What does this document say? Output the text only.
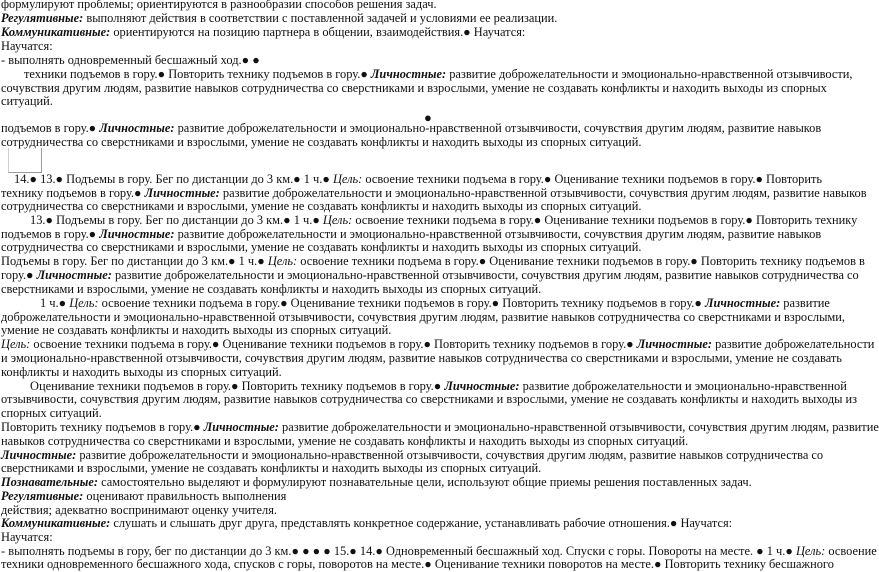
формулируют проблемы; ориентируются в разнообразии способов решения задач.
Регулятивные: выполняют действия в соответствии с поставленной задачей и условиями ее реализации.
Коммуникативные: ориентируются на позицию партнера в общении, взаимодействия.● Научатся:
Научатся:
- выполнять одновременный бесшажный ход.● ●
техники подъемов в гору.● Повторить технику подъемов в гору.● Личностные: развитие доброжелательности и эмоционально-нравственной отзывчивости,
сочувствия другим людям, развитие навыков сотрудничества со сверстниками и взрослыми, умение не создавать конфликты и находить выходы из спорных
ситуаций.
●
подъемов в гору.● Личностные: развитие доброжелательности и эмоционально-нравственной отзывчивости, сочувствия другим людям, развитие навыков
сотрудничества со сверстниками и взрослыми, умение не создавать конфликты и находить выходы из спорных ситуаций.
14.● 13.● Подъемы в гору. Бег по дистанции до 3 км.● 1 ч.● Цель: освоение техники подъема в гору.● Оценивание техники подъемов в гору.● Повторить
технику подъемов в гору.● Личностные: развитие доброжелательности и эмоционально-нравственной отзывчивости, сочувствия другим людям, развитие навыков
сотрудничества со сверстниками и взрослыми, умение не создавать конфликты и находить выходы из спорных ситуаций.
13.● Подъемы в гору. Бег по дистанции до 3 км.● 1 ч.● Цель: освоение техники подъема в гору.● Оценивание техники подъемов в гору.● Повторить технику
подъемов в гору.● Личностные: развитие доброжелательности и эмоционально-нравственной отзывчивости, сочувствия другим людям, развитие навыков
сотрудничества со сверстниками и взрослыми, умение не создавать конфликты и находить выходы из спорных ситуаций.
Подъемы в гору. Бег по дистанции до 3 км.● 1 ч.● Цель: освоение техники подъема в гору.● Оценивание техники подъемов в гору.● Повторить технику подъемов в
гору.● Личностные: развитие доброжелательности и эмоционально-нравственной отзывчивости, сочувствия другим людям, развитие навыков сотрудничества со
сверстниками и взрослыми, умение не создавать конфликты и находить выходы из спорных ситуаций.
1 ч.● Цель: освоение техники подъема в гору.● Оценивание техники подъемов в гору.● Повторить технику подъемов в гору.● Личностные: развитие
доброжелательности и эмоционально-нравственной отзывчивости, сочувствия другим людям, развитие навыков сотрудничества со сверстниками и взрослыми,
умение не создавать конфликты и находить выходы из спорных ситуаций.
Цель: освоение техники подъема в гору.● Оценивание техники подъемов в гору.● Повторить технику подъемов в гору.● Личностные: развитие доброжелательности
и эмоционально-нравственной отзывчивости, сочувствия другим людям, развитие навыков сотрудничества со сверстниками и взрослыми, умение не создавать
конфликты и находить выходы из спорных ситуаций.
Оценивание техники подъемов в гору.● Повторить технику подъемов в гору.● Личностные: развитие доброжелательности и эмоционально-нравственной
отзывчивости, сочувствия другим людям, развитие навыков сотрудничества со сверстниками и взрослыми, умение не создавать конфликты и находить выходы из
спорных ситуаций.
Повторить технику подъемов в гору.● Личностные: развитие доброжелательности и эмоционально-нравственной отзывчивости, сочувствия другим людям, развитие
навыков сотрудничества со сверстниками и взрослыми, умение не создавать конфликты и находить выходы из спорных ситуаций.
Личностные: развитие доброжелательности и эмоционально-нравственной отзывчивости, сочувствия другим людям, развитие навыков сотрудничества со
сверстниками и взрослыми, умение не создавать конфликты и находить выходы из спорных ситуаций.
Познавательные: самостоятельно выделяют и формулируют познавательные цели, используют общие приемы решения поставленных задач.
Регулятивные: оценивают правильность выполнения
действия; адекватно воспринимают оценку учителя.
Коммуникативные: слушать и слышать друг друга, представлять конкретное содержание, устанавливать рабочие отношения.● Научатся:
Научатся:
- выполнять подъемы в гору, бег по дистанции до 3 км.● ● ● ● 15.● 14.● Одновременный бесшажный ход. Спуски с горы. Повороты на месте. ● 1 ч.● Цель: освоение
техники одновременного бесшажного хода, спусков с горы, поворотов на месте.● Оценивание техники поворотов на месте.● Повторить технику бесшажного
